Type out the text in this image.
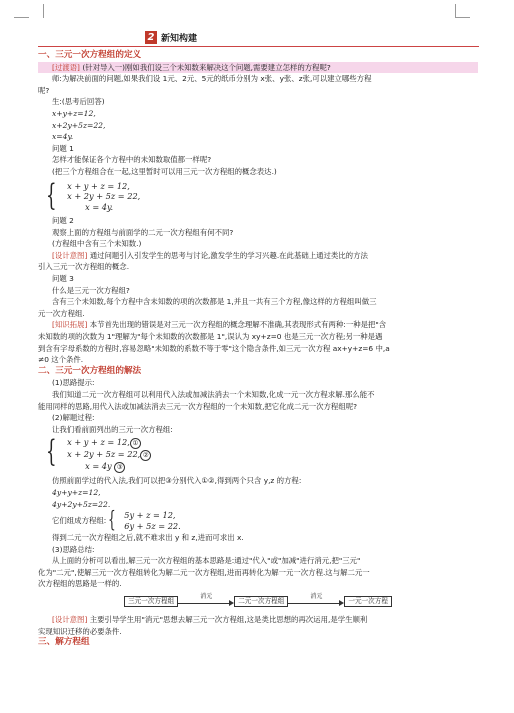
2 新知构建
一、三元一次方程组的定义
[过渡语] (针对导入一)刚如我们设三个未知数来解决这个问题,需要建立怎样的方程呢?
师:为解决前面的问题,如果我们设 1元、2元、5元的纸币分别为 x张、y张、z张,可以建立哪些方程
呢?
生:(思考后回答)
x+y+z=12,
x+2y+5z=22,
x=4y.
问题 1
怎样才能保证各个方程中的未知数取值都一样呢?
(把三个方程组合在一起,这里暂时可以用三元一次方程组的概念表达.)
{ x + y + z = 12,
x + 2y + 5z = 22,
x = 4y.
问题 2
观察上面的方程组与前面学的二元一次方程组有何不同?
(方程组中含有三个未知数.)
[设计意图] 通过问题引入引发学生的思考与讨论,激发学生的学习兴趣.在此基础上通过类比的方法
引入三元一次方程组的概念.
问题 3
什么是三元一次方程组?
含有三个未知数,每个方程中含未知数的项的次数都是 1,并且一共有三个方程,像这样的方程组叫做三
元一次方程组.
[知识拓展] 本节首先出现的错误是对三元一次方程组的概念理解不准确,其表现形式有两种:一种是把"含
未知数的项的次数为 1"理解为"每个未知数的次数都是 1",误认为 xy+z=0 也是三元一次方程;另一种是遇
到含有字母系数的方程时,容易忽略"未知数的系数不等于零"这个隐含条件,如三元一次方程 ax+y+z=6 中,a
≠0 这个条件.
二、三元一次方程组的解法
(1)思路提示:
我们知道二元一次方程组可以利用代入法或加减法消去一个未知数,化成一元一次方程求解.那么能不
能用同样的思路,用代入法或加减法消去三元一次方程组的一个未知数,把它化成二元一次方程组呢?
(2)解题过程:
让我们看前面列出的三元一次方程组:
{ x + y + z = 12, ①
x + 2y + 5z = 22, ②
x = 4y ③
仿照前面学过的代入法,我们可以把③分别代入①②,得到两个只含 y,z 的方程:
4y+y+z=12,
4y+2y+5z=22.
它们组成方程组: { 5y + z = 12,
6y + 5z = 22.
得到二元一次方程组之后,就不难求出 y 和 z,进而可求出 x.
(3)思路总结:
从上面的分析可以看出,解三元一次方程组的基本思路是:通过"代入"或"加减"进行消元,把"三元"
化为"二元",使解三元一次方程组转化为解二元一次方程组,进而再转化为解一元一次方程.这与解二元一
次方程组的思路是一样的.
三元一次方程组	消元	二元一次方程组	消元	一元一次方程
[设计意图] 主要引导学生用"消元"思想去解三元一次方程组,这是类比思想的再次运用,是学生顺利
实现知识迁移的必要条件.
三、解方程组
